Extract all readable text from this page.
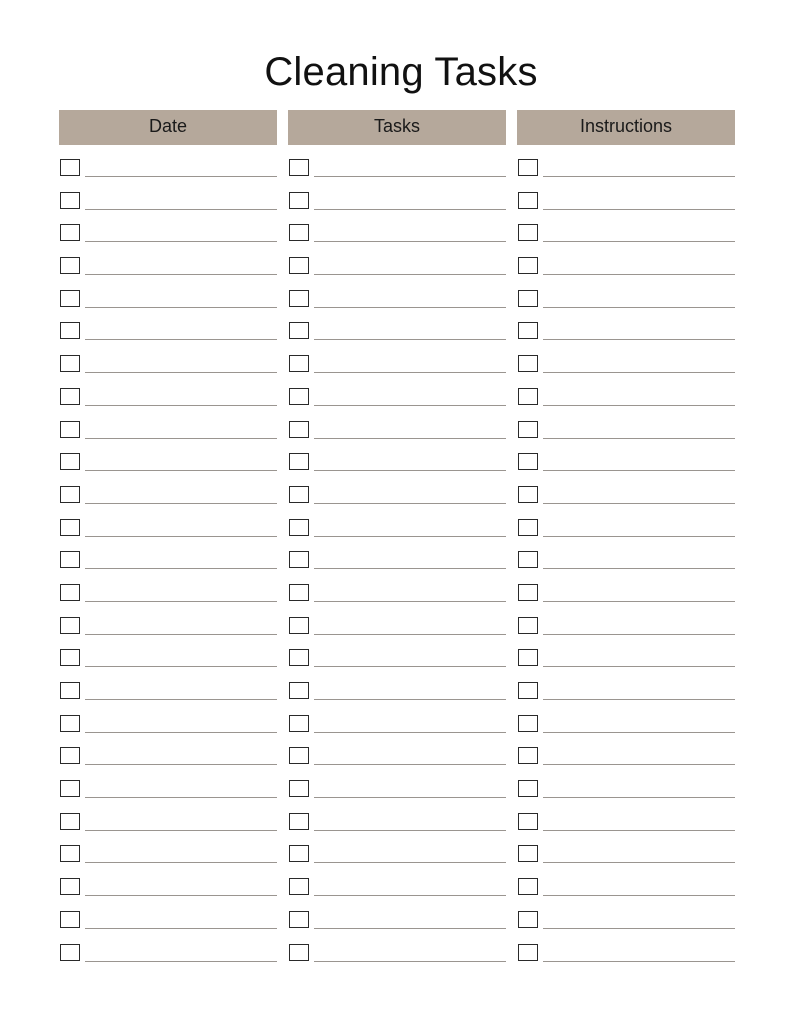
Cleaning Tasks
Date	Tasks	Instructions
